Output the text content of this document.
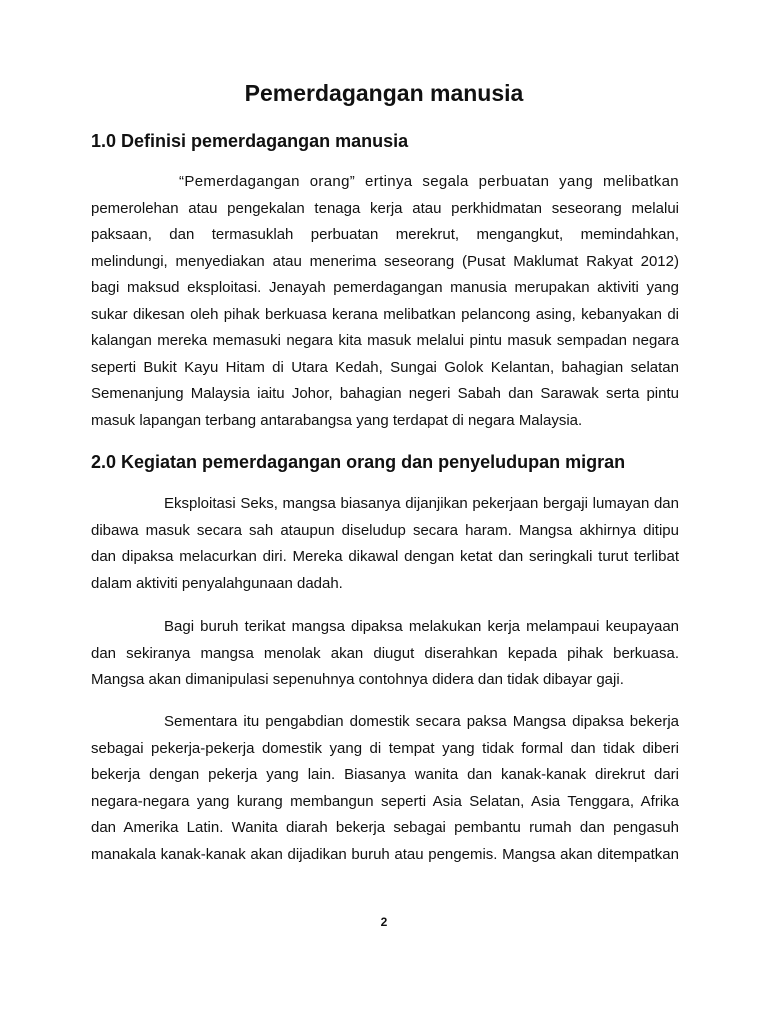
Pemerdagangan manusia
1.0 Definisi pemerdagangan manusia
“Pemerdagangan orang” ertinya segala perbuatan yang melibatkan
pemerolehan atau pengekalan tenaga kerja atau perkhidmatan seseorang melalui
paksaan, dan termasuklah perbuatan merekrut, mengangkut, memindahkan,
melindungi, menyediakan atau menerima seseorang (Pusat Maklumat Rakyat 2012)
bagi maksud eksploitasi. Jenayah pemerdagangan manusia merupakan aktiviti yang
sukar dikesan oleh pihak berkuasa kerana melibatkan pelancong asing, kebanyakan di
kalangan mereka memasuki negara kita masuk melalui pintu masuk sempadan negara
seperti Bukit Kayu Hitam di Utara Kedah, Sungai Golok Kelantan, bahagian selatan
Semenanjung Malaysia iaitu Johor, bahagian negeri Sabah dan Sarawak serta pintu
masuk lapangan terbang antarabangsa yang terdapat di negara Malaysia.
2.0 Kegiatan pemerdagangan orang dan penyeludupan migran
Eksploitasi Seks, mangsa biasanya dijanjikan pekerjaan bergaji lumayan dan
dibawa masuk secara sah ataupun diseludup secara haram. Mangsa akhirnya ditipu
dan dipaksa melacurkan diri. Mereka dikawal dengan ketat dan seringkali turut terlibat
dalam aktiviti penyalahgunaan dadah.
Bagi buruh terikat mangsa dipaksa melakukan kerja melampaui keupayaan
dan sekiranya mangsa menolak akan diugut diserahkan kepada pihak berkuasa.
Mangsa akan dimanipulasi sepenuhnya contohnya didera dan tidak dibayar gaji.
Sementara itu pengabdian domestik secara paksa Mangsa dipaksa bekerja
sebagai pekerja-pekerja domestik yang di tempat yang tidak formal dan tidak diberi
bekerja dengan pekerja yang lain. Biasanya wanita dan kanak-kanak direkrut dari
negara-negara yang kurang membangun seperti Asia Selatan, Asia Tenggara, Afrika
dan Amerika Latin. Wanita diarah bekerja sebagai pembantu rumah dan pengasuh
manakala kanak-kanak akan dijadikan buruh atau pengemis. Mangsa akan ditempatkan
2
